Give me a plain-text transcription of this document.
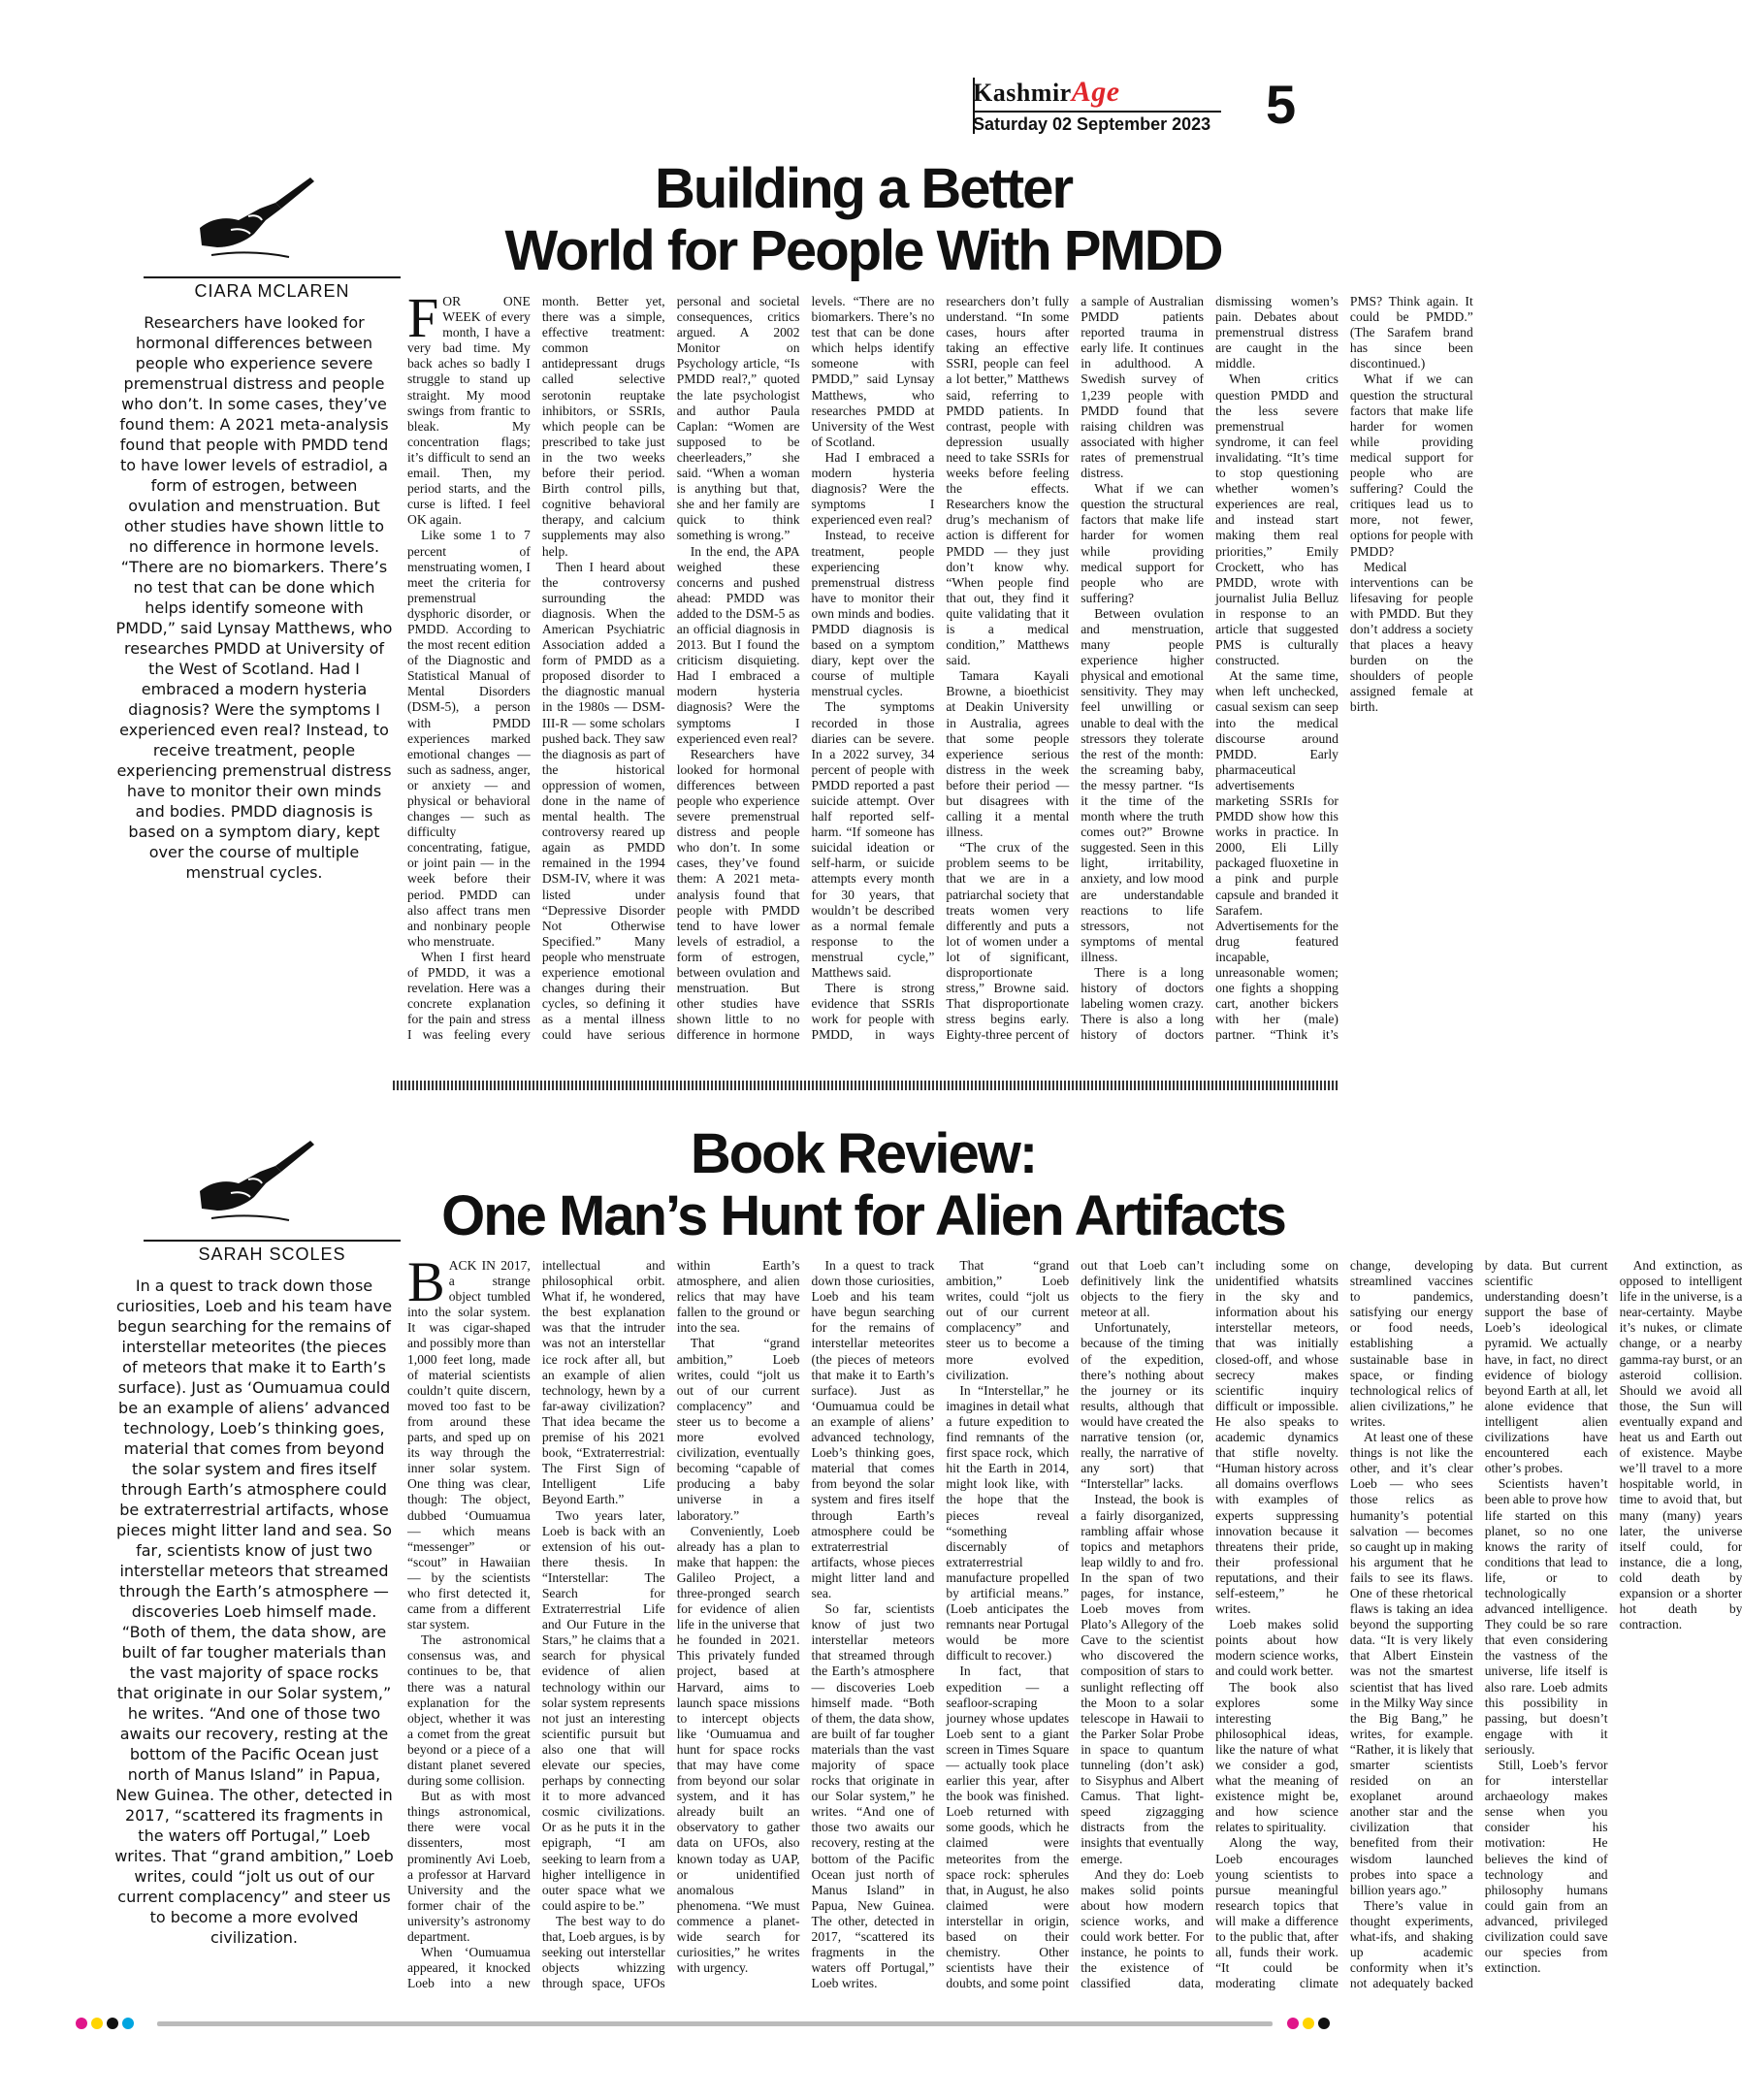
KashmirAge
Saturday 02 September 2023 5
Building a Better
World for People With PMDD
CIARA MCLAREN
Researchers have looked for hormonal differences between people who experience severe premenstrual distress and people who don’t. In some cases, they’ve found them: A 2021 meta-analysis found that people with PMDD tend to have lower levels of estradiol, a form of estrogen, between ovulation and menstruation. But other studies have shown little to no difference in hormone levels. “There are no biomarkers. There’s no test that can be done which helps identify someone with PMDD,” said Lynsay Matthews, who researches PMDD at University of the West of Scotland. Had I embraced a modern hysteria diagnosis? Were the symptoms I experienced even real? Instead, to receive treatment, people experiencing premenstrual distress have to monitor their own minds and bodies. PMDD diagnosis is based on a symptom diary, kept over the course of multiple menstrual cycles.

FOR ONE WEEK of every month, I have a very bad time. My back aches so badly I struggle to stand up straight. My mood swings from frantic to bleak. My concentration flags; it’s difficult to send an email. Then, my period starts, and the curse is lifted. I feel OK again.

Like some 1 to 7 percent of menstruating women, I meet the criteria for premenstrual dysphoric disorder, or PMDD. According to the most recent edition of the Diagnostic and Statistical Manual of Mental Disorders (DSM-5), a person with PMDD experiences marked emotional changes — such as sadness, anger, or anxiety — and physical or behavioral changes — such as difficulty concentrating, fatigue, or joint pain — in the week before their period. PMDD can also affect trans men and nonbinary people who menstruate.

When I first heard of PMDD, it was a revelation. Here was a concrete explanation for the pain and stress I was feeling every month. Better yet, there was a simple, effective treatment: common antidepressant drugs called selective serotonin reuptake inhibitors, or SSRIs, which people can be prescribed to take just in the two weeks before their period. Birth control pills, cognitive behavioral therapy, and calcium supplements may also help.

Then I heard about the controversy surrounding the diagnosis. When the American Psychiatric Association added a form of PMDD as a proposed disorder to the diagnostic manual in the 1980s — DSM-III-R — some scholars pushed back. They saw the diagnosis as part of the historical oppression of women, done in the name of mental health. The controversy reared up again as PMDD remained in the 1994 DSM-IV, where it was listed under “Depressive Disorder Not Otherwise Specified.” Many people who menstruate experience emotional changes during their cycles, so defining it as a mental illness could have serious personal and societal consequences, critics argued. A 2002 Monitor on Psychology article, “Is PMDD real?,” quoted the late psychologist and author Paula Caplan: “Women are supposed to be cheerleaders,” she said. “When a woman is anything but that, she and her family are quick to think something is wrong.”

In the end, the APA weighed these concerns and pushed ahead: PMDD was added to the DSM-5 as an official diagnosis in 2013. But I found the criticism disquieting. Had I embraced a modern hysteria diagnosis? Were the symptoms I experienced even real?

Researchers have looked for hormonal differences between people who experience severe premenstrual distress and people who don’t. In some cases, they’ve found them: A 2021 meta-analysis found that people with PMDD tend to have lower levels of estradiol, a form of estrogen, between ovulation and menstruation. But other studies have shown little to no difference in hormone levels. “There are no biomarkers. There’s no test that can be done which helps identify someone with PMDD,” said Lynsay Matthews, who researches PMDD at University of the West of Scotland.

Had I embraced a modern hysteria diagnosis? Were the symptoms I experienced even real?

Instead, to receive treatment, people experiencing premenstrual distress have to monitor their own minds and bodies. PMDD diagnosis is based on a symptom diary, kept over the course of multiple menstrual cycles.

The symptoms recorded in those diaries can be severe. In a 2022 survey, 34 percent of people with PMDD reported a past suicide attempt. Over half reported self-harm. “If someone has suicidal ideation or self-harm, or suicide attempts every month for 30 years, that wouldn’t be described as a normal female response to the menstrual cycle,” Matthews said.

There is strong evidence that SSRIs work for people with PMDD, in ways researchers don’t fully understand. “In some cases, hours after taking an effective SSRI, people can feel a lot better,” Matthews said, referring to PMDD patients. In contrast, people with depression usually need to take SSRIs for weeks before feeling the effects. Researchers know the drug’s mechanism of action is different for PMDD — they just don’t know why. “When people find that out, they find it quite validating that it is a medical condition,” Matthews said.

Tamara Kayali Browne, a bioethicist at Deakin University in Australia, agrees that some people experience serious distress in the week before their period — but disagrees with calling it a mental illness.

“The crux of the problem seems to be that we are in a patriarchal society that treats women very differently and puts a lot of women under a lot of significant, disproportionate stress,” Browne said. That disproportionate stress begins early. Eighty-three percent of a sample of Australian PMDD patients reported trauma in early life. It continues in adulthood. A Swedish survey of 1,239 people with PMDD found that raising children was associated with higher rates of premenstrual distress.

What if we can question the structural factors that make life harder for women while providing medical support for people who are suffering?

Between ovulation and menstruation, many people experience higher physical and emotional sensitivity. They may feel unwilling or unable to deal with the stressors they tolerate the rest of the month: the screaming baby, the messy partner. “Is it the time of the month where the truth comes out?” Browne suggested. Seen in this light, irritability, anxiety, and low mood are understandable reactions to life stressors, not symptoms of mental illness.

There is a long history of doctors labeling women crazy. There is also a long history of doctors dismissing women’s pain. Debates about premenstrual distress are caught in the middle.

When critics question PMDD and the less severe premenstrual syndrome, it can feel invalidating. “It’s time to stop questioning whether women’s experiences are real, and instead start making them real priorities,” Emily Crockett, who has PMDD, wrote with journalist Julia Belluz in response to an article that suggested PMS is culturally constructed.

At the same time, when left unchecked, casual sexism can seep into the medical discourse around PMDD. Early pharmaceutical advertisements marketing SSRIs for PMDD show how this works in practice. In 2000, Eli Lilly packaged fluoxetine in a pink and purple capsule and branded it Sarafem. Advertisements for the drug featured incapable, unreasonable women; one fights a shopping cart, another bickers with her (male) partner. “Think it’s PMS? Think again. It could be PMDD.” (The Sarafem brand has since been discontinued.)

What if we can question the structural factors that make life harder for women while providing medical support for people who are suffering? Could the critiques lead us to more, not fewer, options for people with PMDD?

Medical interventions can be lifesaving for people with PMDD. But they don’t address a society that places a heavy burden on the shoulders of people assigned female at birth.

Book Review:
One Man’s Hunt for Alien Artifacts
SARAH SCOLES
In a quest to track down those curiosities, Loeb and his team have begun searching for the remains of interstellar meteorites (the pieces of meteors that make it to Earth’s surface). Just as ‘Oumuamua could be an example of aliens’ advanced technology, Loeb’s thinking goes, material that comes from beyond the solar system and fires itself through Earth’s atmosphere could be extraterrestrial artifacts, whose pieces might litter land and sea. So far, scientists know of just two interstellar meteors that streamed through the Earth’s atmosphere — discoveries Loeb himself made. “Both of them, the data show, are built of far tougher materials than the vast majority of space rocks that originate in our Solar system,” he writes. “And one of those two awaits our recovery, resting at the bottom of the Pacific Ocean just north of Manus Island” in Papua, New Guinea. The other, detected in 2017, “scattered its fragments in the waters off Portugal,” Loeb writes. That “grand ambition,” Loeb writes, could “jolt us out of our current complacency” and steer us to become a more evolved civilization.

BACK IN 2017, a strange object tumbled into the solar system. It was cigar-shaped and possibly more than 1,000 feet long, made of material scientists couldn’t quite discern, moved too fast to be from around these parts, and sped up on its way through the inner solar system. One thing was clear, though: The object, dubbed ‘Oumuamua — which means “messenger” or “scout” in Hawaiian — by the scientists who first detected it, came from a different star system.

The astronomical consensus was, and continues to be, that there was a natural explanation for the object, whether it was a comet from the great beyond or a piece of a distant planet severed during some collision.

But as with most things astronomical, there were vocal dissenters, most prominently Avi Loeb, a professor at Harvard University and the former chair of the university’s astronomy department.

When ‘Oumuamua appeared, it knocked Loeb into a new intellectual and philosophical orbit. What if, he wondered, the best explanation was that the intruder was not an interstellar ice rock after all, but an example of alien technology, hewn by a far-away civilization? That idea became the premise of his 2021 book, “Extraterrestrial: The First Sign of Intelligent Life Beyond Earth.”

Two years later, Loeb is back with an extension of his out-there thesis. In “Interstellar: The Search for Extraterrestrial Life and Our Future in the Stars,” he claims that a search for physical evidence of alien technology within our solar system represents not just an interesting scientific pursuit but also one that will elevate our species, perhaps by connecting it to more advanced cosmic civilizations. Or as he puts it in the epigraph, “I am seeking to learn from a higher intelligence in outer space what we could aspire to be.”

The best way to do that, Loeb argues, is by seeking out interstellar objects whizzing through space, UFOs within Earth’s atmosphere, and alien relics that may have fallen to the ground or into the sea.

That “grand ambition,” Loeb writes, could “jolt us out of our current complacency” and steer us to become a more evolved civilization, eventually becoming “capable of producing a baby universe in a laboratory.”

Conveniently, Loeb already has a plan to make that happen: the Galileo Project, a three-pronged search for evidence of alien life in the universe that he founded in 2021. This privately funded project, based at Harvard, aims to launch space missions to intercept objects like ‘Oumuamua and hunt for space rocks that may have come from beyond our solar system, and it has already built an observatory to gather data on UFOs, also known today as UAP, or unidentified anomalous phenomena. “We must commence a planet-wide search for curiosities,” he writes with urgency.

In a quest to track down those curiosities, Loeb and his team have begun searching for the remains of interstellar meteorites (the pieces of meteors that make it to Earth’s surface). Just as ‘Oumuamua could be an example of aliens’ advanced technology, Loeb’s thinking goes, material that comes from beyond the solar system and fires itself through Earth’s atmosphere could be extraterrestrial artifacts, whose pieces might litter land and sea.

So far, scientists know of just two interstellar meteors that streamed through the Earth’s atmosphere — discoveries Loeb himself made. “Both of them, the data show, are built of far tougher materials than the vast majority of space rocks that originate in our Solar system,” he writes. “And one of those two awaits our recovery, resting at the bottom of the Pacific Ocean just north of Manus Island” in Papua, New Guinea. The other, detected in 2017, “scattered its fragments in the waters off Portugal,” Loeb writes.

That “grand ambition,” Loeb writes, could “jolt us out of our current complacency” and steer us to become a more evolved civilization.

In “Interstellar,” he imagines in detail what a future expedition to find remnants of the first space rock, which hit the Earth in 2014, might look like, with the hope that the pieces reveal “something discernably of extraterrestrial manufacture propelled by artificial means.” (Loeb anticipates the remnants near Portugal would be more difficult to recover.)

In fact, that expedition — a seafloor-scraping journey whose updates Loeb sent to a giant screen in Times Square — actually took place earlier this year, after the book was finished. Loeb returned with some goods, which he claimed were meteorites from the space rock: spherules that, in August, he also claimed were interstellar in origin, based on their chemistry. Other scientists have their doubts, and some point out that Loeb can’t definitively link the objects to the fiery meteor at all.

Unfortunately, because of the timing of the expedition, there’s nothing about the journey or its results, although that would have created the narrative tension (or, really, the narrative of any sort) that “Interstellar” lacks.

Instead, the book is a fairly disorganized, rambling affair whose topics and metaphors leap wildly to and fro. In the span of two pages, for instance, Loeb moves from Plato’s Allegory of the Cave to the scientist who discovered the composition of stars to sunlight reflecting off the Moon to a solar telescope in Hawaii to the Parker Solar Probe in space to quantum tunneling (don’t ask) to Sisyphus and Albert Camus. That light-speed zigzagging distracts from the insights that eventually emerge.

And they do: Loeb makes solid points about how modern science works, and could work better. For instance, he points to the existence of classified data, including some on unidentified whatsits in the sky and information about his interstellar meteors, that was initially closed-off, and whose secrecy makes scientific inquiry difficult or impossible. He also speaks to academic dynamics that stifle novelty. “Human history across all domains overflows with examples of experts suppressing innovation because it threatens their pride, their professional reputations, and their self-esteem,” he writes.

Loeb makes solid points about how modern science works, and could work better.

The book also explores some interesting philosophical ideas, like the nature of what we consider a god, what the meaning of existence might be, and how science relates to spirituality.

Along the way, Loeb encourages young scientists to pursue meaningful research topics that will make a difference to the public that, after all, funds their work. “It could be moderating climate change, developing streamlined vaccines to pandemics, satisfying our energy or food needs, establishing a sustainable base in space, or finding technological relics of alien civilizations,” he writes.

At least one of these things is not like the other, and it’s clear Loeb — who sees those relics as humanity’s potential salvation — becomes so caught up in making his argument that he fails to see its flaws. One of these rhetorical flaws is taking an idea beyond the supporting data. “It is very likely that Albert Einstein was not the smartest scientist that has lived in the Milky Way since the Big Bang,” he writes, for example. “Rather, it is likely that smarter scientists resided on an exoplanet around another star and the civilization that benefited from their wisdom launched probes into space a billion years ago.”

There’s value in thought experiments, what-ifs, and shaking up academic conformity when it’s not adequately backed by data. But current scientific understanding doesn’t support the base of Loeb’s ideological pyramid. We actually have, in fact, no direct evidence of biology beyond Earth at all, let alone evidence that intelligent alien civilizations have encountered each other’s probes.

Scientists haven’t been able to prove how life started on this planet, so no one knows the rarity of conditions that lead to life, or to technologically advanced intelligence. They could be so rare that even considering the vastness of the universe, life itself is also rare. Loeb admits this possibility in passing, but doesn’t engage with it seriously.

Still, Loeb’s fervor for interstellar archaeology makes sense when you consider his motivation: He believes the kind of technology and philosophy humans could gain from an advanced, privileged civilization could save our species from extinction.

And extinction, as opposed to intelligent life in the universe, is a near-certainty. Maybe it’s nukes, or climate change, or a nearby gamma-ray burst, or an asteroid collision. Should we avoid all those, the Sun will eventually expand and heat us and Earth out of existence. Maybe we’ll travel to a more hospitable world, in time to avoid that, but many (many) years later, the universe itself could, for instance, die a long, cold death by expansion or a shorter hot death by contraction.
